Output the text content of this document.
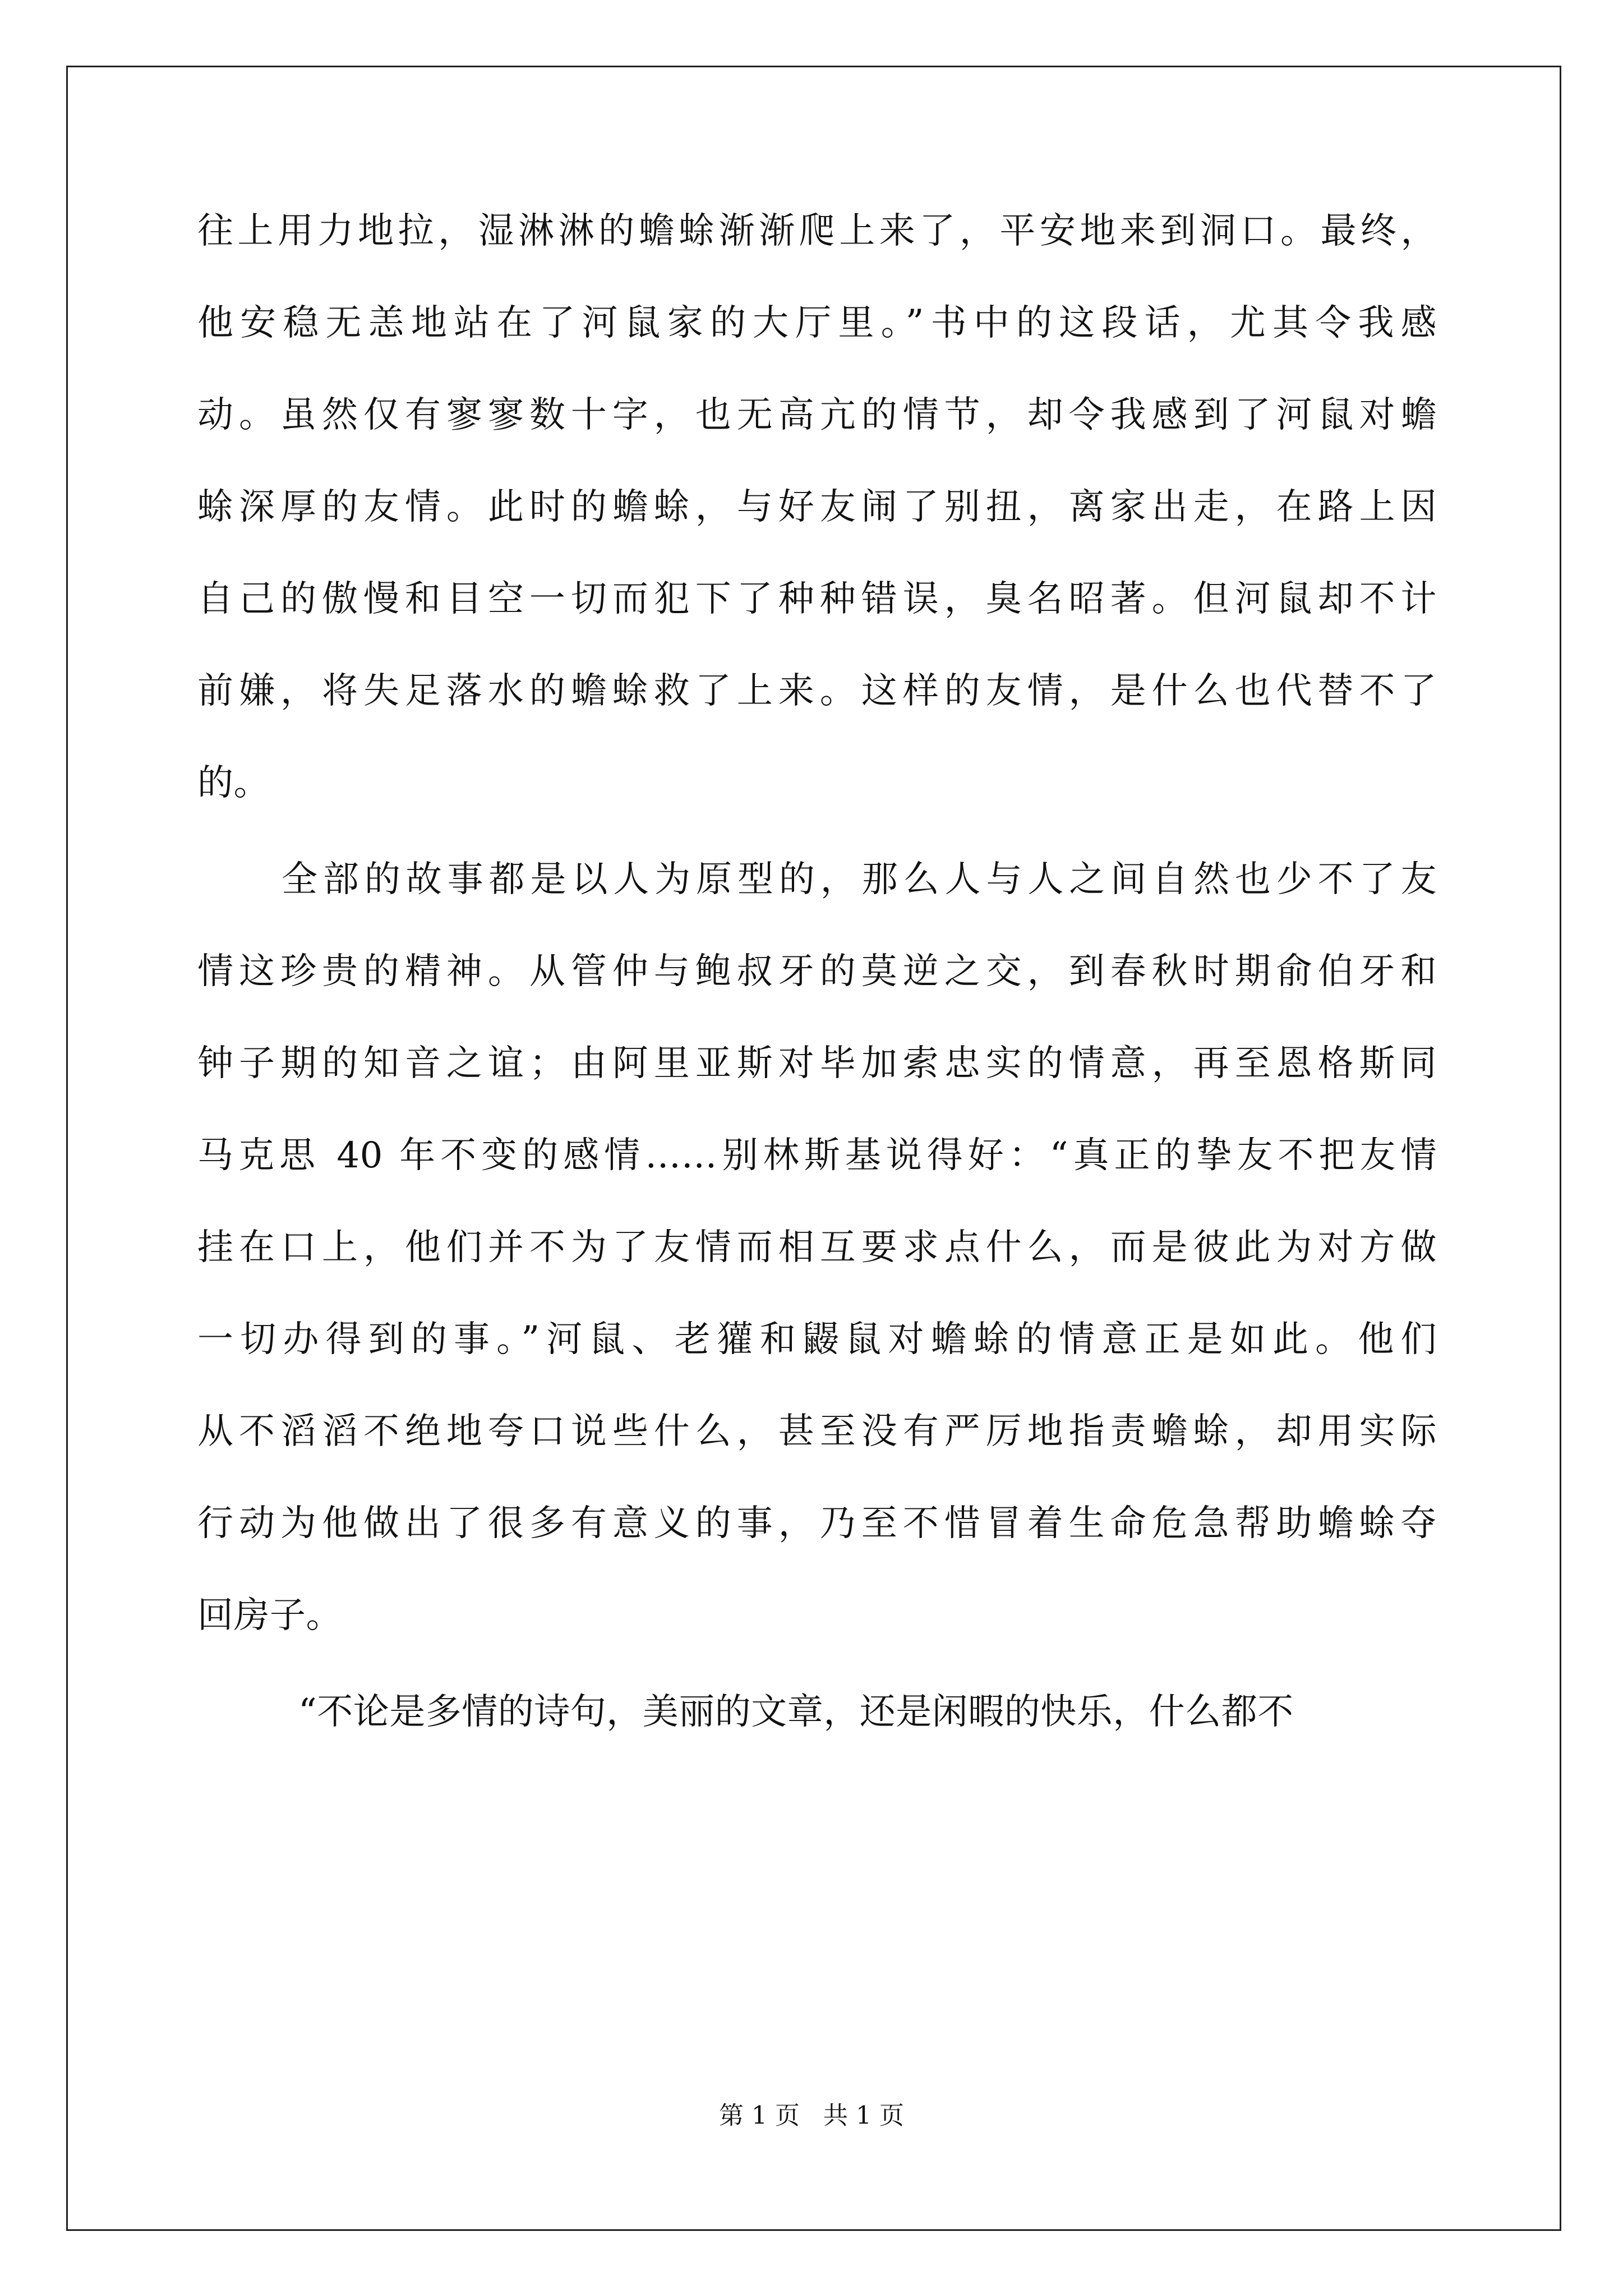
往上用力地拉，湿淋淋的蟾蜍渐渐爬上来了，平安地来到洞口。最终，
他安稳无恙地站在了河鼠家的大厅里。”书中的这段话，尤其令我感
动。虽然仅有寥寥数十字，也无高亢的情节，却令我感到了河鼠对蟾
蜍深厚的友情。此时的蟾蜍，与好友闹了别扭，离家出走，在路上因
自己的傲慢和目空一切而犯下了种种错误，臭名昭著。但河鼠却不计
前嫌，将失足落水的蟾蜍救了上来。这样的友情，是什么也代替不了
的。
全部的故事都是以人为原型的，那么人与人之间自然也少不了友
情这珍贵的精神。从管仲与鲍叔牙的莫逆之交，到春秋时期俞伯牙和
钟子期的知音之谊；由阿里亚斯对毕加索忠实的情意，再至恩格斯同
马克思 40 年不变的感情……别林斯基说得好：“真正的挚友不把友情
挂在口上，他们并不为了友情而相互要求点什么，而是彼此为对方做
一切办得到的事。”河鼠、老獾和鼹鼠对蟾蜍的情意正是如此。他们
从不滔滔不绝地夸口说些什么，甚至没有严厉地指责蟾蜍，却用实际
行动为他做出了很多有意义的事，乃至不惜冒着生命危急帮助蟾蜍夺
回房子。
“不论是多情的诗句，美丽的文章，还是闲暇的快乐，什么都不
第 1 页   共 1 页
